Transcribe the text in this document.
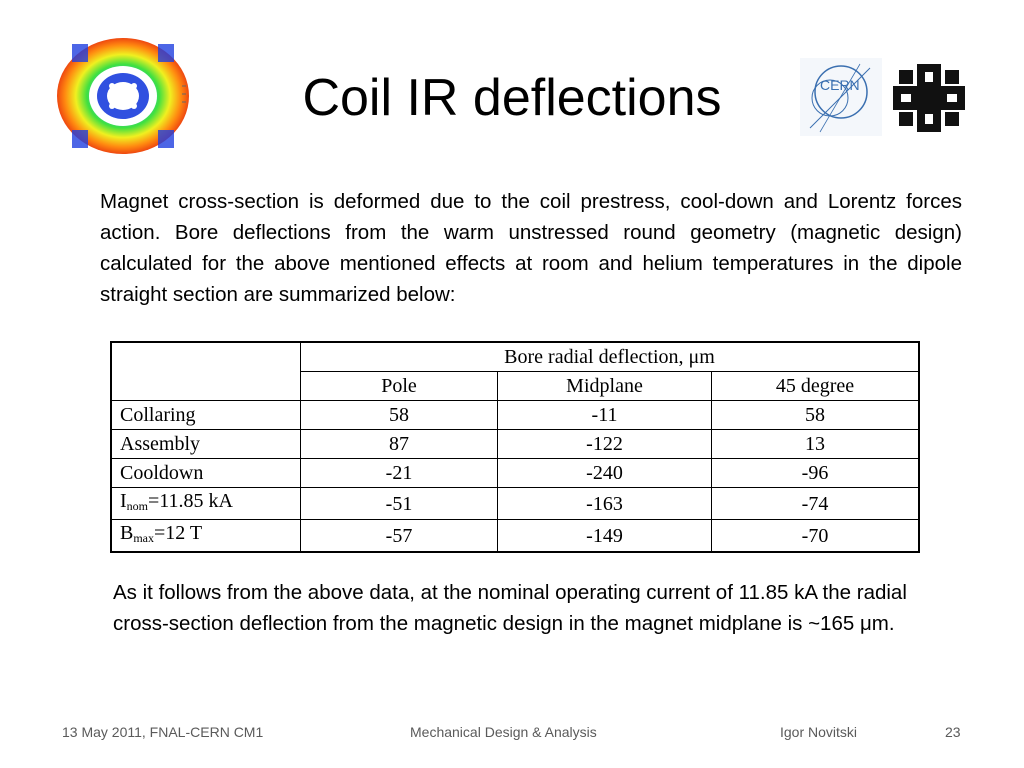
CERN
Coil IR deflections
Magnet cross-section is deformed due to the coil prestress, cool-down and Lorentz forces action. Bore deflections from the warm unstressed round geometry (magnetic design) calculated for the above mentioned effects at room and helium temperatures in the dipole straight section are summarized below:
	Bore radial deflection, μm		
	Pole	Midplane	45 degree
Collaring	58	-11	58
Assembly	87	-122	13
Cooldown	-21	-240	-96
$I_{nom}=11.85$ kA	-51	-163	-74
$B_{max}=12$ T	-57	-149	-70
As it follows from the above data, at the nominal operating current of 11.85 kA the radial cross-section deflection from the magnetic design in the magnet midplane is ~165 μm.
13 May 2011, FNAL-CERN CM1	Mechanical Design & Analysis	Igor Novitski	23
